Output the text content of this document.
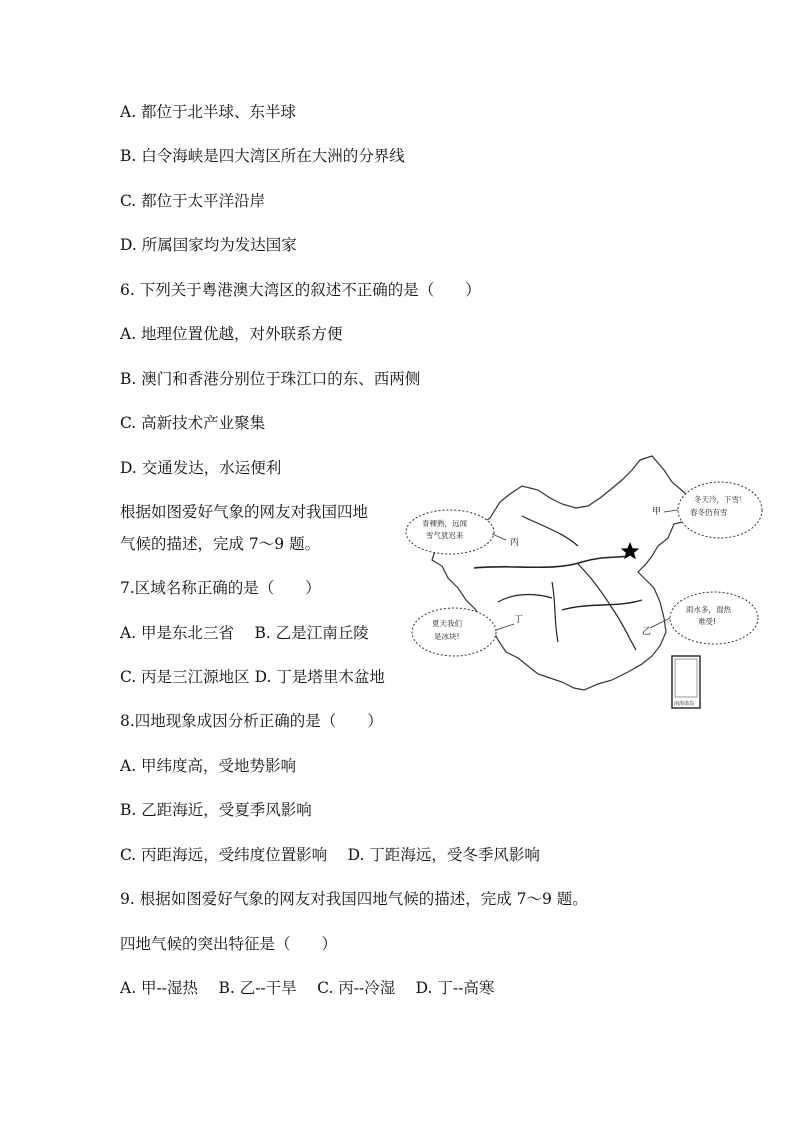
A. 都位于北半球、东半球
B. 白令海峡是四大湾区所在大洲的分界线
C. 都位于太平洋沿岸
D. 所属国家均为发达国家
6. 下列关于粤港澳大湾区的叙述不正确的是（　　）
A. 地理位置优越，对外联系方便
B. 澳门和香港分别位于珠江口的东、西两侧
C. 高新技术产业聚集
D. 交通发达，水运便利
根据如图爱好气象的网友对我国四地
气候的描述，完成 7～9 题。
7.区域名称正确的是（　　）
A. 甲是东北三省　 B. 乙是江南丘陵
C. 丙是三江源地区 D. 丁是塔里木盆地
8.四地现象成因分析正确的是（　　）
A. 甲纬度高，受地势影响
B. 乙距海近，受夏季风影响
C. 丙距海远，受纬度位置影响　 D. 丁距海远，受冬季风影响
9. 根据如图爱好气象的网友对我国四地气候的描述，完成 7～9 题。
四地气候的突出特征是（　　）
A. 甲--湿热　 B. 乙--干旱　 C. 丙--冷湿　 D. 丁--高寒
青稞熟，远闻
雪气犹迟来
冬天冷，下雪！
春冬仍有雪
夏天我们
是冰块!
雨水多，湿热
难受!
甲
丙
丁
乙
南海诸岛
